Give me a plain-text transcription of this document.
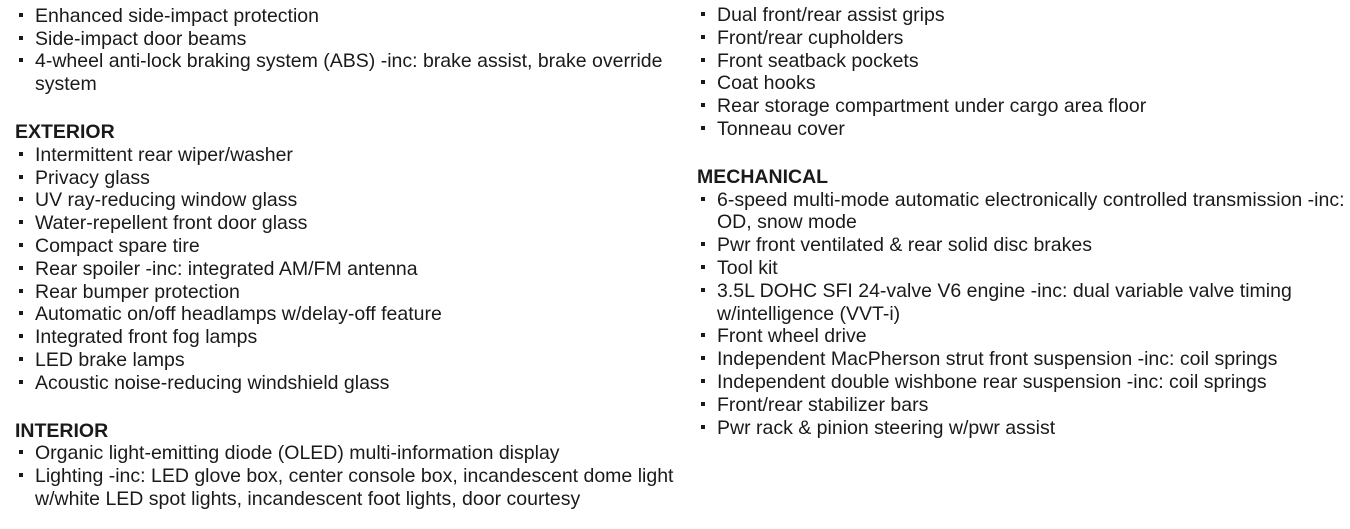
Enhanced side-impact protection
Side-impact door beams
4-wheel anti-lock braking system (ABS) -inc: brake assist, brake override system
EXTERIOR
Intermittent rear wiper/washer
Privacy glass
UV ray-reducing window glass
Water-repellent front door glass
Compact spare tire
Rear spoiler -inc: integrated AM/FM antenna
Rear bumper protection
Automatic on/off headlamps w/delay-off feature
Integrated front fog lamps
LED brake lamps
Acoustic noise-reducing windshield glass
INTERIOR
Organic light-emitting diode (OLED) multi-information display
Lighting -inc: LED glove box, center console box, incandescent dome light w/white LED spot lights, incandescent foot lights, door courtesy
Dual front/rear assist grips
Front/rear cupholders
Front seatback pockets
Coat hooks
Rear storage compartment under cargo area floor
Tonneau cover
MECHANICAL
6-speed multi-mode automatic electronically controlled transmission -inc: OD, snow mode
Pwr front ventilated & rear solid disc brakes
Tool kit
3.5L DOHC SFI 24-valve V6 engine -inc: dual variable valve timing w/intelligence (VVT-i)
Front wheel drive
Independent MacPherson strut front suspension -inc: coil springs
Independent double wishbone rear suspension -inc: coil springs
Front/rear stabilizer bars
Pwr rack & pinion steering w/pwr assist
